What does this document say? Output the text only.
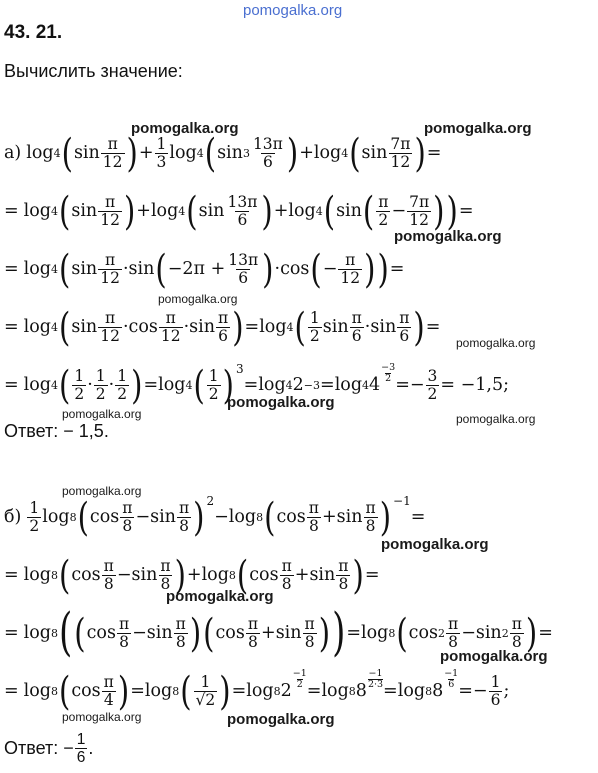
pomogalka.org
43. 21.
Вычислить значение:
pomogalka.org	pomogalka.org
а) log 4 ( sin π
12 ) + $\frac{1}{3}$ log 4 ( sin 3
13π
6 ) + log 4 ( sin 7π
12 ) =
= log 4 ( sin π
12 ) + log 4 ( sin 13π
6 ) + log 4 ( sin ( π
$2 - \frac{7\pi}{12}$ ) ) =
pomogalka.org
= log 4 ( sin π
12 · sin ( $-2\pi + \frac{13\pi}{6}$ ) · cos ( − $\frac{\pi}{12}$ ) ) =
pomogalka.org
= log 4 ( sin π
12 · cos π
12 · sin π
6 ) = log 4 ( 1
2 sin π
6 · sin π
6 ) =
pomogalka.org
= log 4 ( 1
2 · 1
2 · 1
2 ) = log 4 ( 1
2 ) 3
= log 4 2 −3 = log 4 4
$\frac{-3}{2}$
= − $\frac{3}{2} = -1,5$;
pomogalka.org
pomogalka.org	pomogalka.org
Ответ: − 1,5.
pomogalka.org
б) 1
2 log 8 ( cos π
8 − sin π
8 ) 2
− log 8 ( cos π
8 + sin π
8 ) −1
=
pomogalka.org
= log 8 ( cos π
8 − sin π
8 ) + log 8 ( cos π
8 + sin π
8 ) =
pomogalka.org
= log 8 ( ( cos π
8 − sin π
8 ) ( cos π
8 + sin π
8 ) ) = log 8 ( cos 2
π
8 − sin 2
π
8 ) =
pomogalka.org
= log 8 ( cos π
4 ) = log 8 ( 1
√2 ) = log 8 2
$\frac{-1}{2}$
= log 8 8
$\frac{-1}{2\cdot 3}$
= log 8 8
$\frac{-1}{6}$
= − $\frac{1}{6}$ ;
pomogalka.org	pomogalka.org
Ответ: − $\frac{1}{6}$ .
